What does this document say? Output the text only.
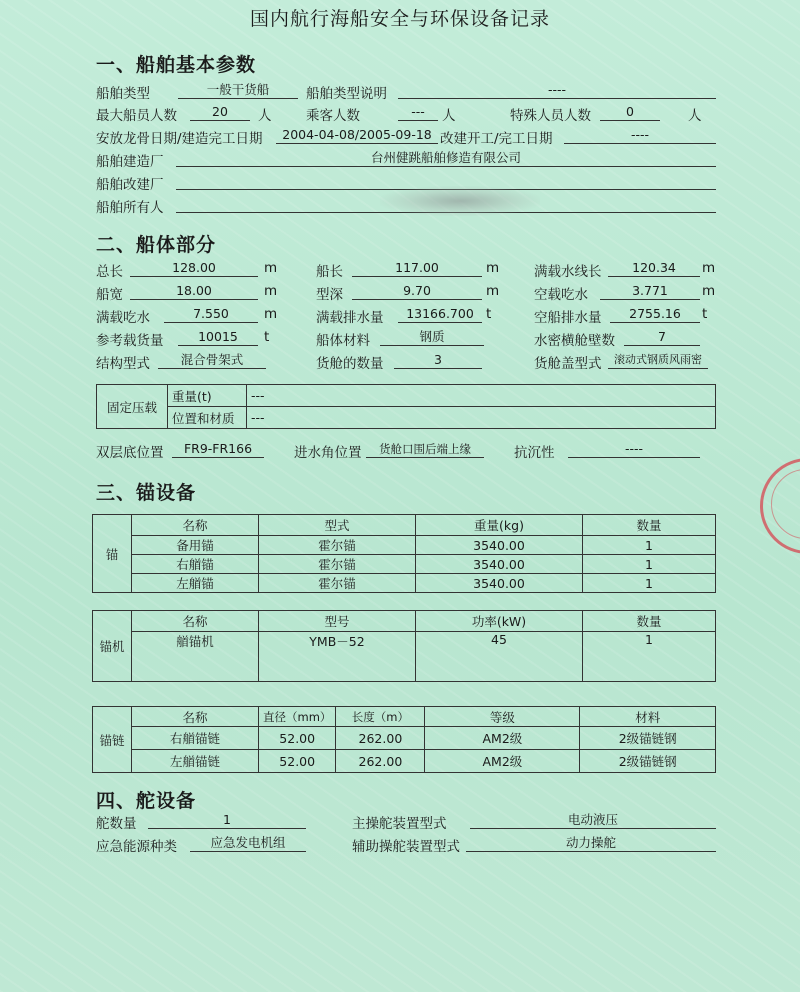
国内航行海船安全与环保设备记录
一、船舶基本参数
船舶类型	一般干货船	船舶类型说明	----
最大船员人数	20	人	乘客人数	---	人	特殊人员人数	0	人
安放龙骨日期/建造完工日期	2004-04-08/2005-09-18 改建开工/完工日期	----
船舶建造厂	台州健跳船舶修造有限公司
船舶改建厂
船舶所有人
二、船体部分
总长	128.00	m	船长	117.00	m	满载水线长	120.34	m
船宽	18.00	m	型深	9.70	m	空载吃水	3.771	m
满载吃水	7.550	m	满载排水量	13166.700 t	空船排水量	2755.16	t
参考载货量	10015	t	船体材料	钢质	水密横舱壁数	7
结构型式	混合骨架式	货舱的数量	3	货舱盖型式	滚动式钢质风雨密
固定压载	重量(t)	---
	位置和材质	---
双层底位置	FR9-FR166	进水角位置	货舱口围后端上缘	抗沉性	----
三、锚设备
锚	名称	型式	重量(kg)	数量
	备用锚	霍尔锚	3540.00	1
	右艏锚	霍尔锚	3540.00	1
	左艏锚	霍尔锚	3540.00	1
锚机	名称	型号	功率(kW)	数量
	艏锚机	YMB－52	45	1
锚链	名称	直径（mm）	长度（m）	等级	材料
	右艏锚链	52.00	262.00	AM2级	2级锚链钢
	左艏锚链	52.00	262.00	AM2级	2级锚链钢
四、舵设备
舵数量	1	主操舵装置型式	电动液压
应急能源种类	应急发电机组	辅助操舵装置型式	动力操舵
